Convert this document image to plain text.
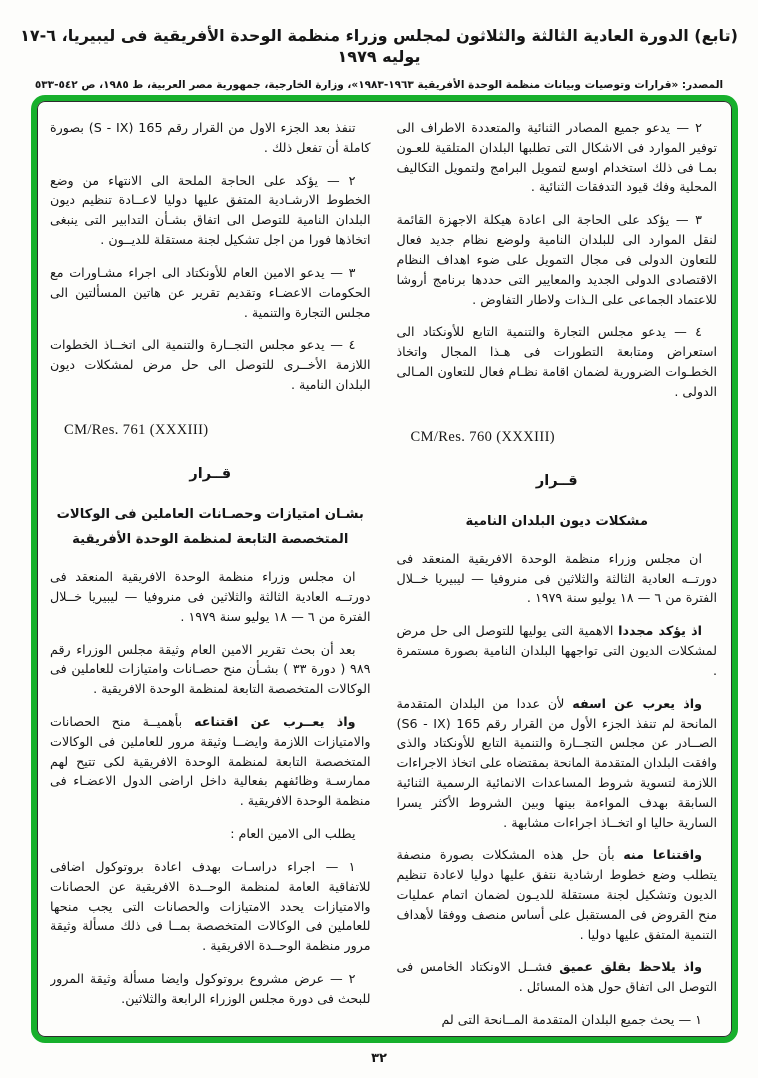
(تابع) الدورة العادية الثالثة والثلاثون لمجلس وزراء منظمة الوحدة الأفريقية فى ليبيريا، ٦-١٧ يوليه ١٩٧٩
المصدر: «قرارات وتوصيات وبيانات منظمة الوحدة الأفريقية ١٩٦٣-١٩٨٣»، وزارة الخارجية، جمهورية مصر العربية، ط ١٩٨٥، ص ٥٤٢-٥٣٣

٢ — يدعو جميع المصادر الثنائية والمتعددة الاطراف الى توفير الموارد فى الاشكال التى تطلبها البلدان المتلقية للعـون بمـا فى ذلك استخدام اوسع لتمويل البرامج ولتمويل التكاليف المحلية وفك قيود التدفقات الثنائية .

٣ — يؤكد على الحاجة الى اعادة هيكلة الاجهزة القائمة لنقل الموارد الى للبلدان النامية ولوضع نظام جديد فعال للتعاون الدولى فى مجال التمويل على ضوء اهداف النظام الاقتصادى الدولى الجديد والمعايير التى حددها برنامج أروشا للاعتماد الجماعى على الـذات ولاطار التفاوض .

٤ — يدعو مجلس التجارة والتنمية التابع للأونكتاد الى استعراض ومتابعة التطورات فى هـذا المجال واتخاذ الخطـوات الضرورية لضمان اقامة نظـام فعال للتعاون المـالى الدولى .

CM/Res. 760 (XXXIII)
قــرار
مشكلات ديون البلدان النامية

ان مجلس وزراء منظمة الوحدة الافريقية المنعقد فى دورتــه العادية الثالثة والثلاثين فى منروفيا — ليبيريا خــلال الفترة من ٦ — ١٨ يوليو سنة ١٩٧٩ .

اذ يؤكد مجددا الاهمية التى يوليها للتوصل الى حل مرض لمشكلات الديون التى تواجهها البلدان النامية بصورة مستمرة .

واذ يعرب عن اسفه لأن عددا من البلدان المتقدمة المانحة لم تنفذ الجزء الأول من القرار رقم 165 (S6 - IX) الصــادر عن مجلس التجــارة والتنمية التابع للأونكتاد والذى وافقت البلدان المتقدمة المانحة بمقتضاه على اتخاذ الاجراءات اللازمة لتسوية شروط المساعدات الانمائية الرسمية الثنائية السابقة بهدف المواءمة بينها وبين الشروط الأكثر يسرا السارية حاليا او اتخــاذ اجراءات مشابهة .

واقتناعا منه بأن حل هذه المشكلات بصورة منصفة يتطلب وضع خطوط ارشادية نتفق عليها دوليا لاعادة تنظيم الديون وتشكيل لجنة مستقلة للديـون لضمان اتمام عمليات منح القروض فى المستقبل على أساس منصف ووفقا لأهداف التنمية المتفق عليها دوليا .

واذ يلاحظ بقلق عميق فشــل الاونكتاد الخامس فى التوصل الى اتفاق حول هذه المسائل .

١ — يحث جميع البلدان المتقدمة المــانحة التى لم

تنفذ بعد الجزء الاول من القرار رقم 165 (S - IX) بصورة كاملة أن تفعل ذلك .

٢ — يؤكد على الحاجة الملحة الى الانتهاء من وضع الخطوط الارشـادية المتفق عليها دوليا لاعــادة تنظيم ديون البلدان النامية للتوصل الى اتفاق بشـأن التدابير التى ينبغى اتخاذها فورا من اجل تشكيل لجنة مستقلة للديــون .

٣ — يدعو الامين العام للأونكتاد الى اجراء مشـاورات مع الحكومات الاعضـاء وتقديم تقرير عن هاتين المسألتين الى مجلس التجارة والتنمية .

٤ — يدعو مجلس التجــارة والتنمية الى اتخــاذ الخطوات اللازمة الأخــرى للتوصل الى حل مرض لمشكلات ديون البلدان النامية .

CM/Res. 761 (XXXIII)
قــرار
بشـان امتيازات وحصـانات العاملين فى الوكالات المتخصصة التابعة لمنظمة الوحدة الأفريقية

ان مجلس وزراء منظمة الوحدة الافريقية المنعقد فى دورتــه العادية الثالثة والثلاثين فى منروفيا — ليبيريا خــلال الفترة من ٦ — ١٨ يوليو سنة ١٩٧٩ .

بعد أن بحث تقرير الامين العام وثيقة مجلس الوزراء رقم ٩٨٩ ( دورة ٣٣ ) بشـأن منح حصـانات وامتيازات للعاملين فى الوكالات المتخصصة التابعة لمنظمة الوحدة الافريقية .

واذ يعــرب عن اقتناعه بأهميــة منح الحصانات والامتيازات اللازمة وايضــا وثيقة مرور للعاملين فى الوكالات المتخصصة التابعة لمنظمة الوحدة الافريقية لكى تتيح لهم ممارسـة وظائفهم بفعالية داخل اراضى الدول الاعضـاء فى منظمة الوحدة الافريقية .

يطلب الى الامين العام :

١ — اجراء دراسـات بهدف اعادة بروتوكول اضافى للاتفاقية العامة لمنظمة الوحــدة الافريقية عن الحصانات والامتيازات يحدد الامتيازات والحصانات التى يجب منحها للعاملين فى الوكالات المتخصصة بمــا فى ذلك مسألة وثيقة مرور منظمة الوحــدة الافريقية .

٢ — عرض مشروع بروتوكول وايضا مسألة وثيقة المرور للبحث فى دورة مجلس الوزراء الرابعة والثلاثين.

٣٢
